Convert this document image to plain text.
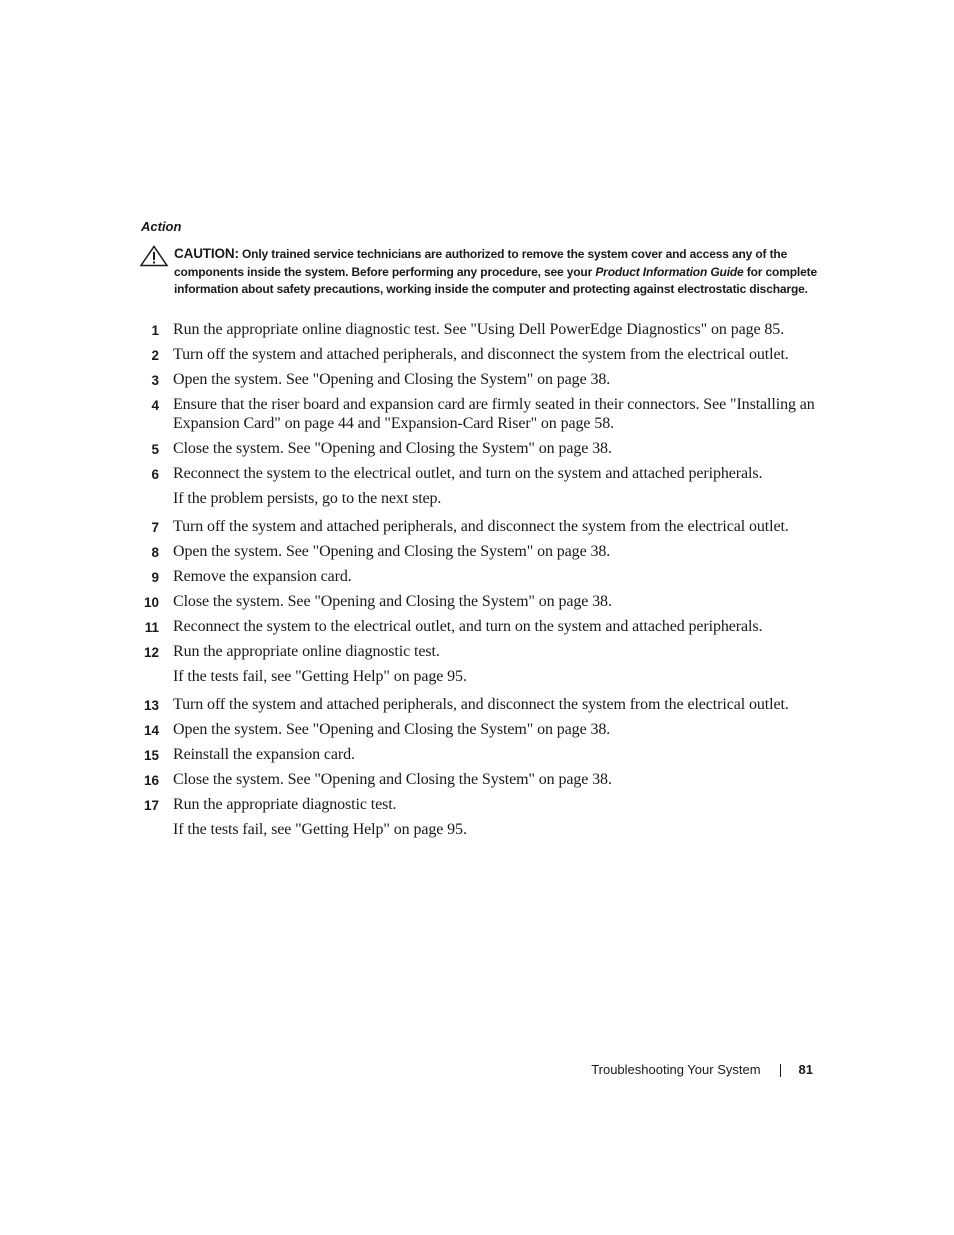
Action
CAUTION: Only trained service technicians are authorized to remove the system cover and access any of the components inside the system. Before performing any procedure, see your Product Information Guide for complete information about safety precautions, working inside the computer and protecting against electrostatic discharge.
1 Run the appropriate online diagnostic test. See "Using Dell PowerEdge Diagnostics" on page 85.
2 Turn off the system and attached peripherals, and disconnect the system from the electrical outlet.
3 Open the system. See "Opening and Closing the System" on page 38.
4 Ensure that the riser board and expansion card are firmly seated in their connectors. See "Installing an Expansion Card" on page 44 and "Expansion-Card Riser" on page 58.
5 Close the system. See "Opening and Closing the System" on page 38.
6 Reconnect the system to the electrical outlet, and turn on the system and attached peripherals.
If the problem persists, go to the next step.
7 Turn off the system and attached peripherals, and disconnect the system from the electrical outlet.
8 Open the system. See "Opening and Closing the System" on page 38.
9 Remove the expansion card.
10 Close the system. See "Opening and Closing the System" on page 38.
11 Reconnect the system to the electrical outlet, and turn on the system and attached peripherals.
12 Run the appropriate online diagnostic test.
If the tests fail, see "Getting Help" on page 95.
13 Turn off the system and attached peripherals, and disconnect the system from the electrical outlet.
14 Open the system. See "Opening and Closing the System" on page 38.
15 Reinstall the expansion card.
16 Close the system. See "Opening and Closing the System" on page 38.
17 Run the appropriate diagnostic test.
If the tests fail, see "Getting Help" on page 95.
Troubleshooting Your System	81
